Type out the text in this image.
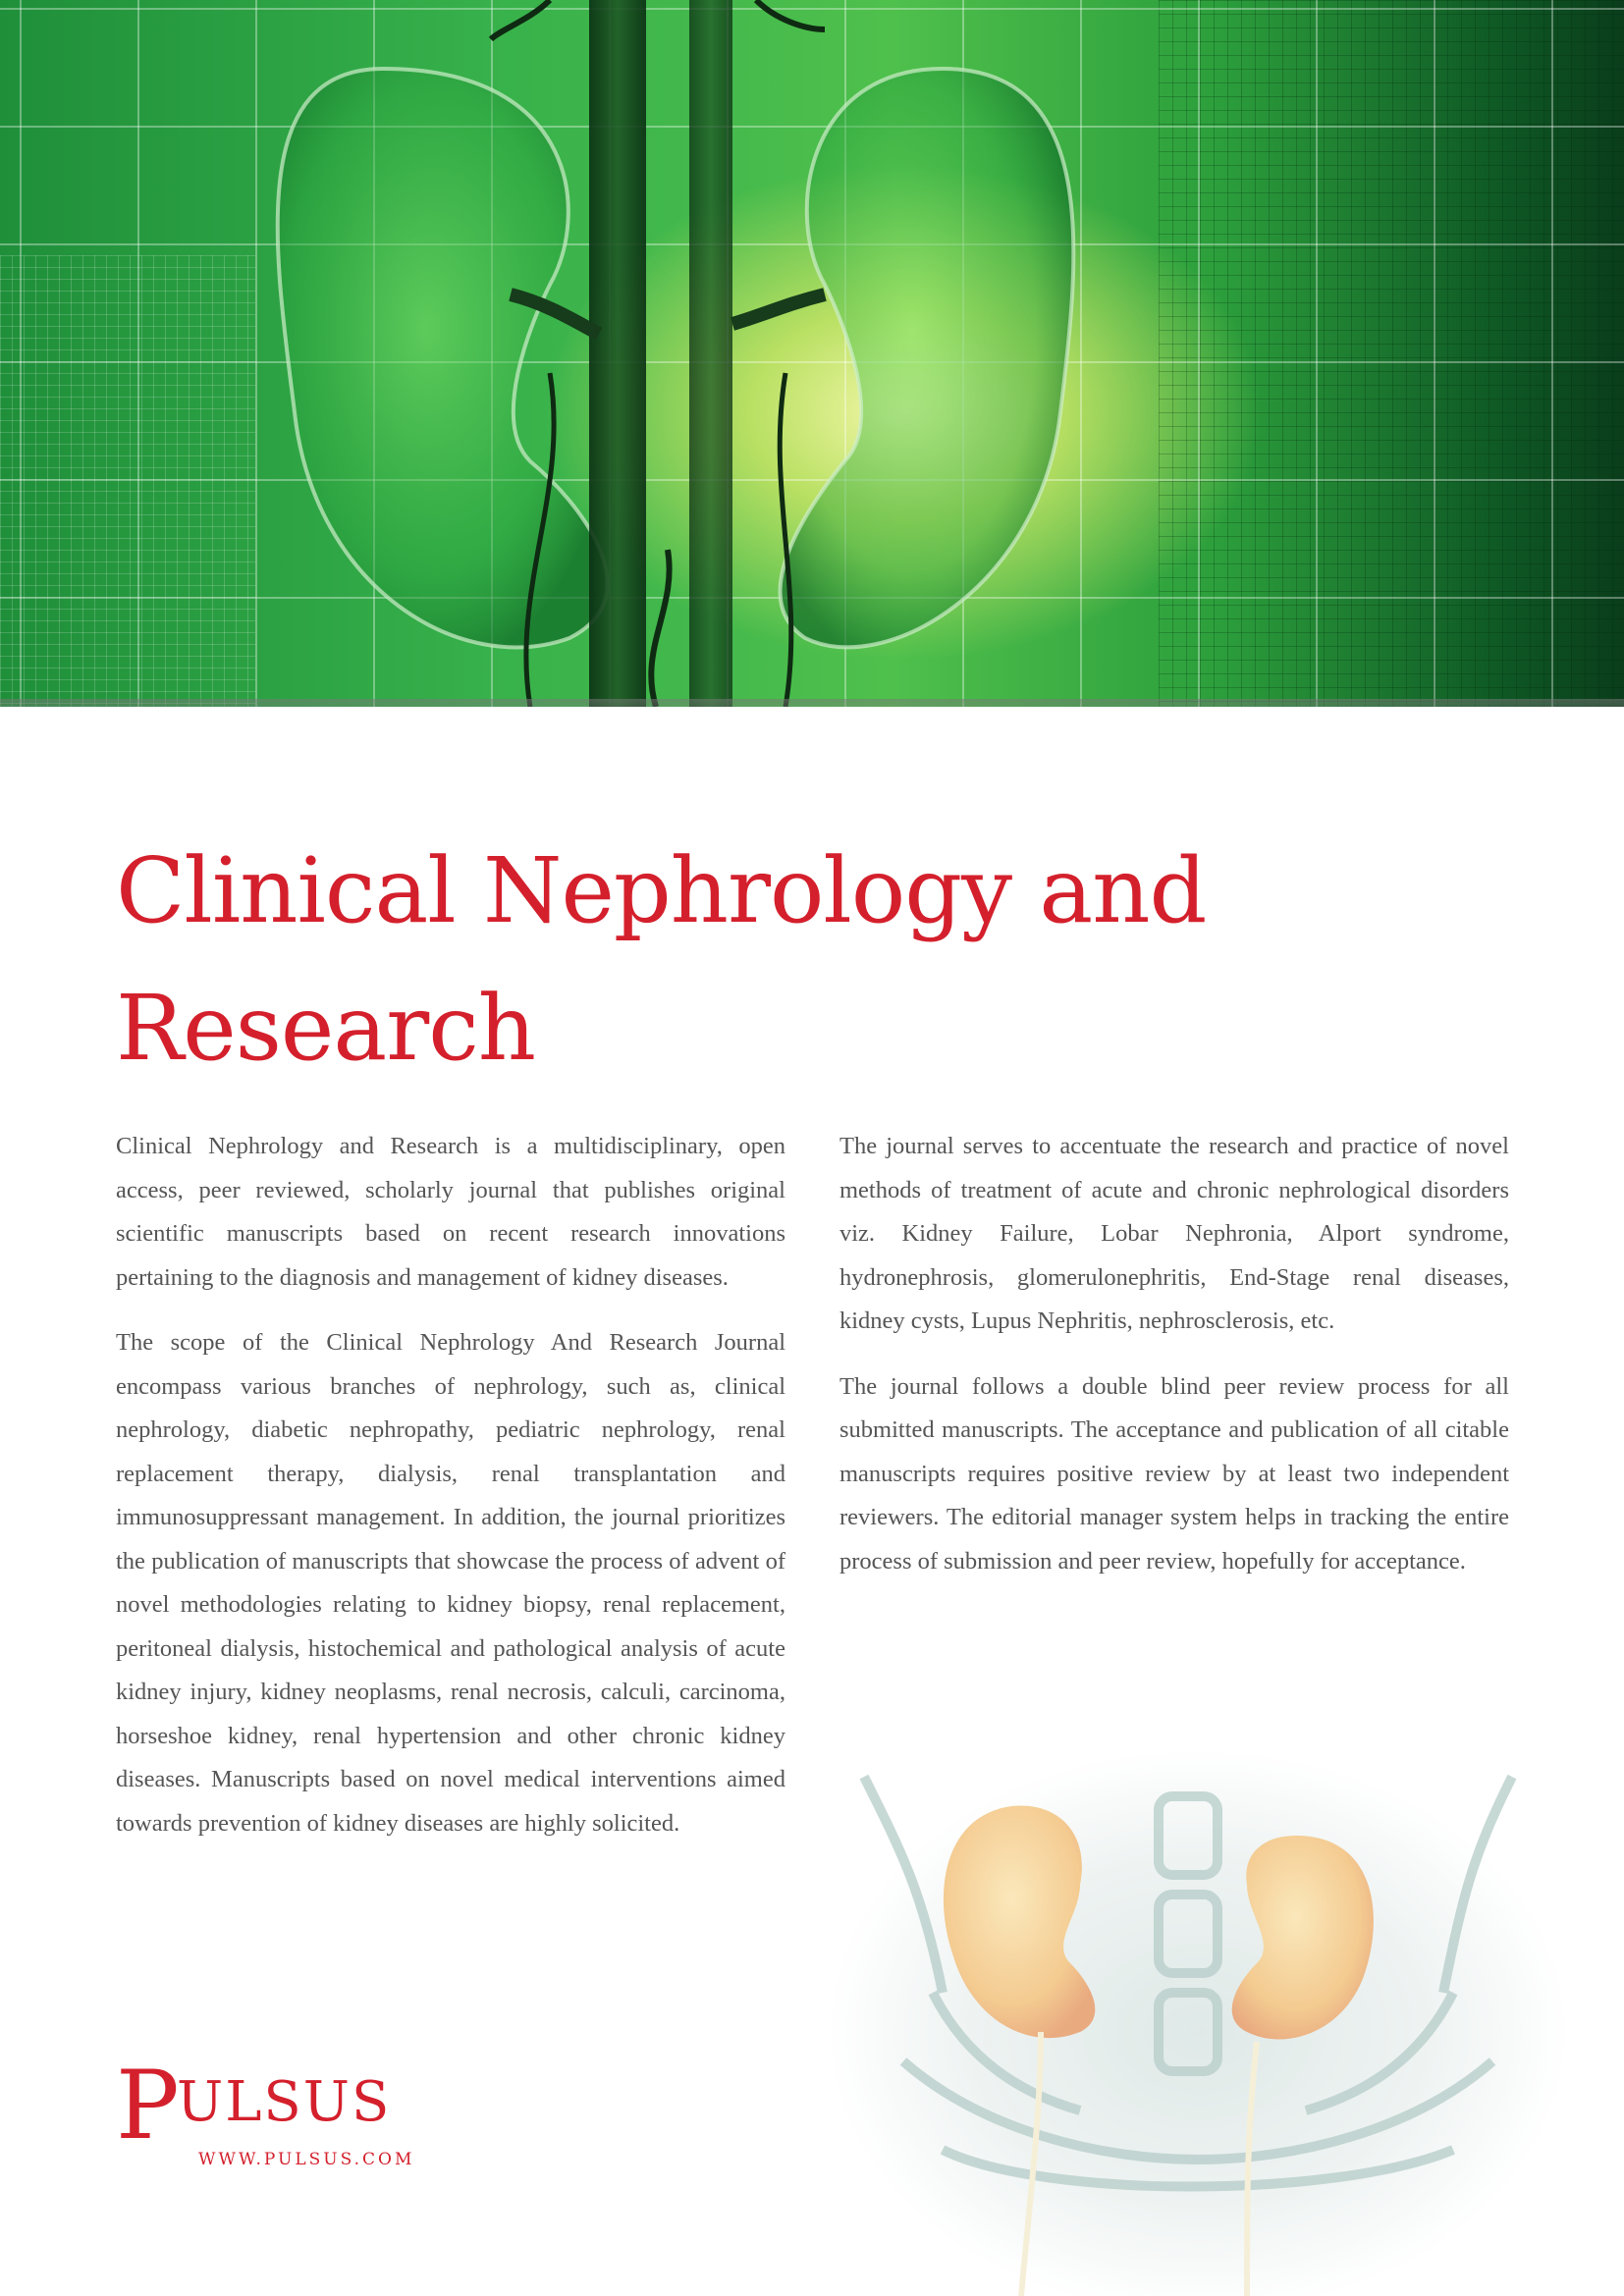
Clinical Nephrology and Research

Clinical Nephrology and Research is a multidisciplinary, open access, peer reviewed, scholarly journal that publishes original scientific manuscripts based on recent research innovations pertaining to the diagnosis and management of kidney diseases.

The scope of the Clinical Nephrology And Research Journal encompass various branches of nephrology, such as, clinical nephrology, diabetic nephropathy, pediatric nephrology, renal replacement therapy, dialysis, renal transplantation and immunosuppressant management. In addition, the journal prioritizes the publication of manuscripts that showcase the process of advent of novel methodologies relating to kidney biopsy, renal replacement, peritoneal dialysis, histochemical and pathological analysis of acute kidney injury, kidney neoplasms, renal necrosis, calculi, carcinoma, horseshoe kidney, renal hypertension and other chronic kidney diseases. Manuscripts based on novel medical interventions aimed towards prevention of kidney diseases are highly solicited.

The journal serves to accentuate the research and practice of novel methods of treatment of acute and chronic nephrological disorders viz. Kidney Failure, Lobar Nephronia, Alport syndrome, hydronephrosis, glomerulonephritis, End-Stage renal diseases, kidney cysts, Lupus Nephritis, nephrosclerosis, etc.

The journal follows a double blind peer review process for all submitted manuscripts. The acceptance and publication of all citable manuscripts requires positive review by at least two independent reviewers. The editorial manager system helps in tracking the entire process of submission and peer review, hopefully for acceptance.

P
ULSUS
WWW.PULSUS.COM
